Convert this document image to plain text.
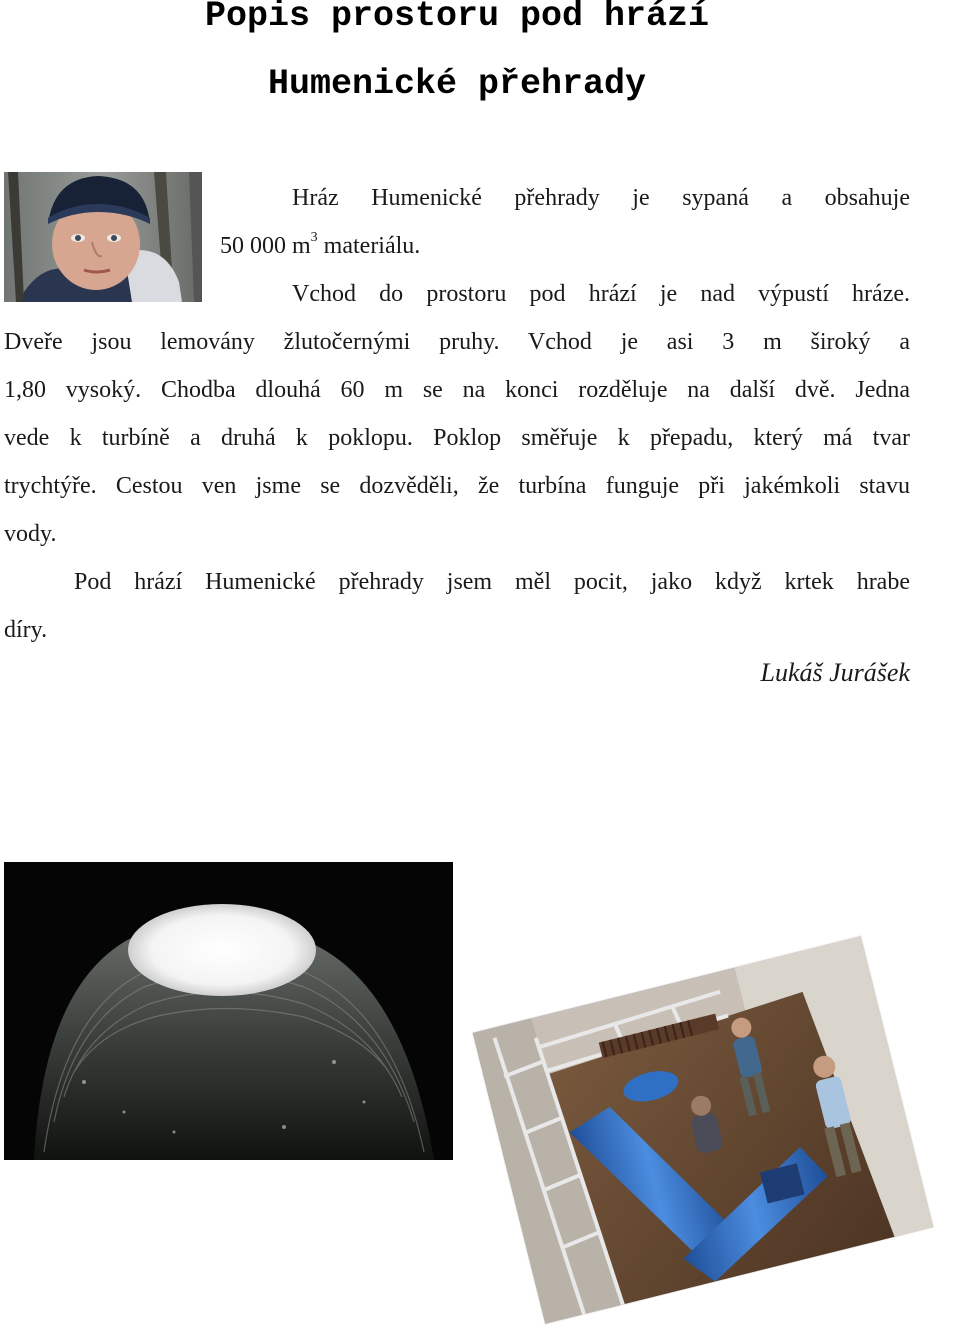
Popis prostoru pod hrází
Humenické přehrady
Hráz Humenické přehrady je sypaná a obsahuje
50 000 $m^3$ materiálu.
Vchod do prostoru pod hrází je nad výpustí hráze.
Dveře jsou lemovány žlutočernými pruhy. Vchod je asi 3 m široký a
1,80 vysoký. Chodba dlouhá 60 m se na konci rozděluje na další dvě. Jedna
vede k turbíně a druhá k poklopu. Poklop směřuje k přepadu, který má tvar
trychtýře. Cestou ven jsme se dozvěděli, že turbína funguje při jakémkoli stavu
vody.
Pod hrází Humenické přehrady jsem měl pocit, jako když krtek hrabe
díry.
Lukáš Jurášek
